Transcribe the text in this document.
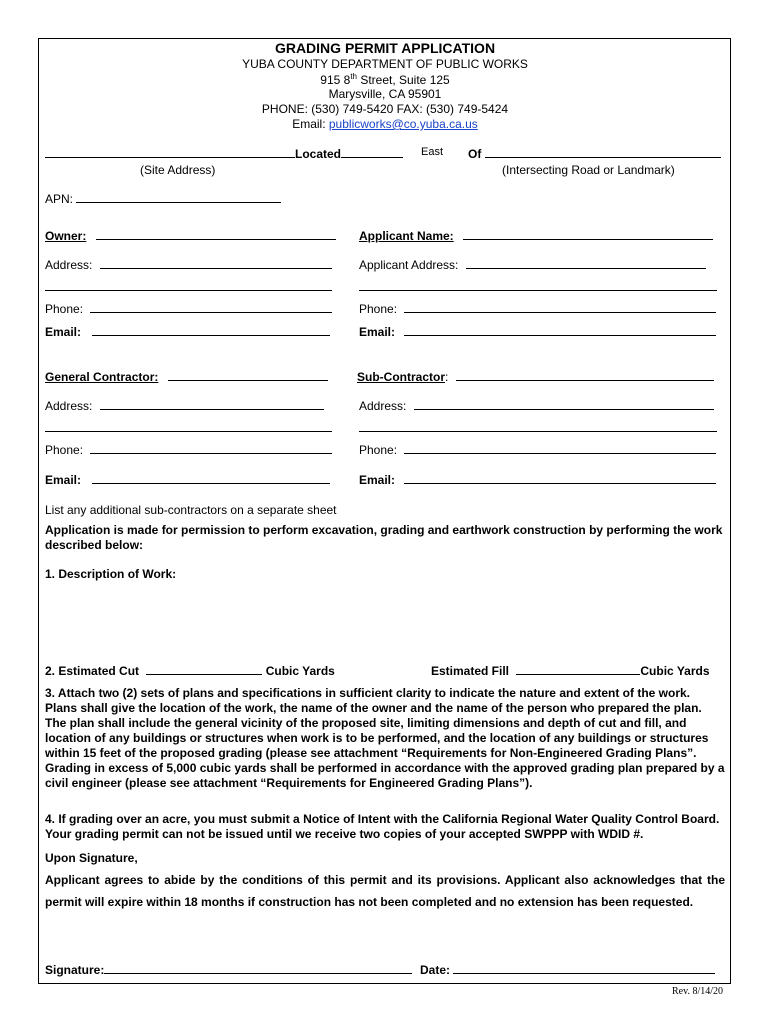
GRADING PERMIT APPLICATION
YUBA COUNTY DEPARTMENT OF PUBLIC WORKS
915 8th Street, Suite 125
Marysville, CA 95901
PHONE: (530) 749-5420 FAX: (530) 749-5424
Email: publicworks@co.yuba.ca.us
Located	East Of
(Site Address)	(Intersecting Road or Landmark)
APN:
Owner:	Applicant Name:
Address:	Applicant Address:
Phone:	Phone:
Email:	Email:
General Contractor:	Sub-Contractor:
Address:	Address:
Phone:	Phone:
Email:	Email:
List any additional sub-contractors on a separate sheet
Application is made for permission to perform excavation, grading and earthwork construction by performing the work described below:
1. Description of Work:
2. Estimated Cut	Cubic Yards	Estimated Fill	Cubic Yards
3. Attach two (2) sets of plans and specifications in sufficient clarity to indicate the nature and extent of the work. Plans shall give the location of the work, the name of the owner and the name of the person who prepared the plan. The plan shall include the general vicinity of the proposed site, limiting dimensions and depth of cut and fill, and location of any buildings or structures when work is to be performed, and the location of any buildings or structures within 15 feet of the proposed grading (please see attachment “Requirements for Non-Engineered Grading Plans”. Grading in excess of 5,000 cubic yards shall be performed in accordance with the approved grading plan prepared by a civil engineer (please see attachment “Requirements for Engineered Grading Plans”).
4. If grading over an acre, you must submit a Notice of Intent with the California Regional Water Quality Control Board. Your grading permit can not be issued until we receive two copies of your accepted SWPPP with WDID #.
Upon Signature,
Applicant agrees to abide by the conditions of this permit and its provisions. Applicant also acknowledges that the permit will expire within 18 months if construction has not been completed and no extension has been requested.
Signature:	Date:
Rev. 8/14/20
